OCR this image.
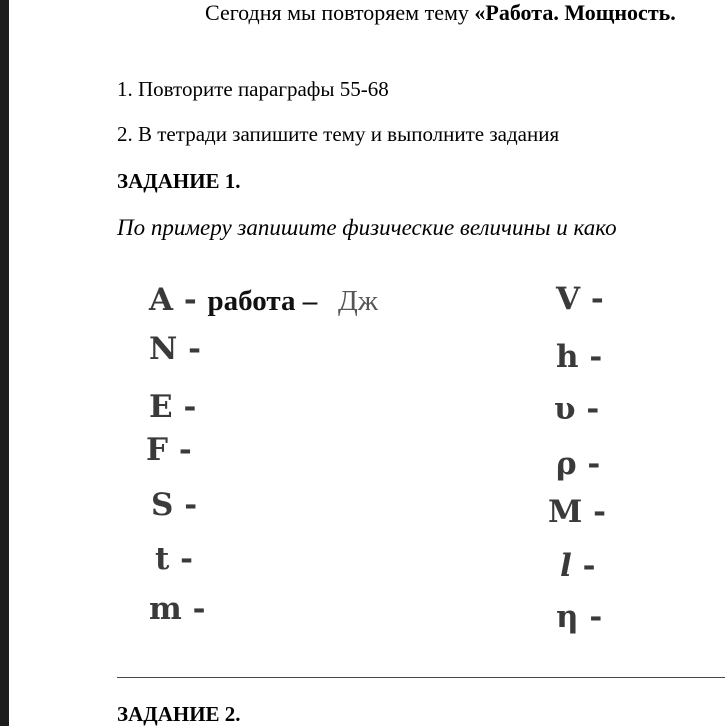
Сегодня мы повторяем тему «Работа. Мощность.
1. Повторите параграфы 55-68
2. В тетради запишите тему и выполните задания
ЗАДАНИЕ 1.
По примеру запишите физические величины и како
A - работа – Дж
N -
E -
F -
S -
t -
m -
V -
h -
υ -
ρ -
M -
l -
η -
ЗАДАНИЕ 2.
